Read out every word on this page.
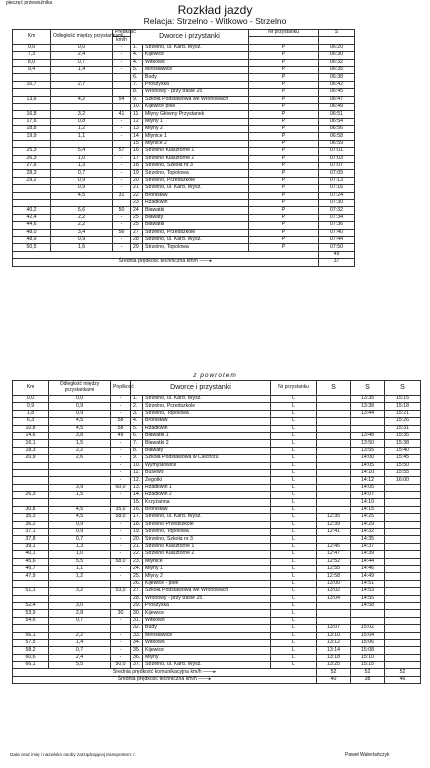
pieczęć przewoźnika	Rozkład jazdy
Relacja: Strzelno - Witkowo - Strzelno
Km	Odległość między przystankami	Prędkość	Dworce i przystanki		Nr przystanku	S
		km/h				
0,0	0,0	-	1.	Strzelno, ul. Kard. Wysz.	P	06:20
7,3	2,4	-	4.	Kijewice	P	06:30
8,0	0,7	-	4.	Witkowo	P	06:32
9,4	1,4	-	5.	Mirosławice	P	06:35
			6.	Budy	P	06:38
10,7	2,7		7.	Proszyska	P	06:42
			8.	Wronowy - przy trasie 25	P	06:45
13,6	4,2	54	9.	Szkoła Podstawowa we Wronowach	P	06:47
			10.	Kijewice pole	P	06:49
16,8	3,2	41	11	Młyny Główny Przystanek	P	06:51
17,6	0,8	-	12	Młyny 1	P	06:54
18,8	1,2	-	13	Młyny 2	P	06:56
19,9	1,1	-	14	Młynice 1	P	06:58
			15	Młynice 2	P	06:59
25,3	5,4	57	16	Strzelno Klasztorne 1	P	07:01
26,3	1,0	-	17	Strzelno Klasztorne 2	P	07:03
27,6	1,3	-	18	Strzelno, Szkoła nr 3	P	07:07
28,3	0,7	-	19	Strzelno, Topolowa	P	07:09
29,2	0,9	-	20	Strzelno, Przedszkole	P	07:13
	0,9	-	21	Strzelno, ul. Kard. Wysz.	P	07:16
	4,5	31	22	Bronisław	P	07:24
			23	Rzadkwin	P	07:30
40,2	5,6	50	24	Bławatki	P	07:32
42,4	2,2	-	25	Bławaty	P	07:34
44,6	2,2	-	25	Bławatki	P	07:36
48,0	3,4	56	27	Strzelno, Przedszkole	P	07:40
48,9	0,9	-	28	Strzelno, ul. Kard. Wysz.	P	07:44
50,5	1,6	-	29	Strzelno, Topolowa	P	07:50
						49
Średnia prędkość techniczna km/h ——▸						37
z powrotem
Km	Odległość między przystankami	Prędkość	Dworce i przystanki		Nr przystanku	S	S	S
0,0	0,0	-	1.	Strzelno, ul. Kard. Wysz.	L		13:35	15:15
0,9	0,9	-	2.	Strzelno, Przedszkole	L		13:38	15:18
1,8	0,9	-	3.	Strzelno, Topolowa	L		13:44	15:21
6,3	4,5	58	4.	Bronisław	L			15:26
10,8	4,5	58	5.	Rzadkwin	L			15:31
14,6	3,8	49	6.	Bławatki 1	L		13:48	15:35
16,1	1,5	-	7.	Bławatki 2	L		13:50	15:38
18,3	2,2	-	8.	Bławaty	L		13:55	15:40
20,9	2,6	-	9.	Szkoła Podstawowa w Ciechrzu	L		14:00	15:45
		-	10.	Wymysłowice	L		14:05	15:50
		-	11.	Busewo	L		14:10	15:55
		-	12.	Żegotki	L		14:12	16:00
	3,9	60,0	13.	Rzadkwin 1	L		14:05	
26,3	1,5	-	14.	Rzadkwin 2	L		14:07	
			15.	Krzyżanna	L		14:10	
30,8	4,5	35,0	16.	Bronisław	L		14:15	
35,3	4,5	58,0	17.	Strzelno, ul. Kard. Wysz.	L	12:35	14:25	
36,2	0,9	-	18.	Strzelno Przedszkole	L	12:39	14:29	
37,1	0,9	-	19.	Strzelno, Topolowa	L	12:41	14:32	
37,8	0,7	-	20.	Strzelno, Szkoła nr 3	L		14:35	
39,1	1,3	-	21.	Strzelno Klasztorne 1	L	12:45	14:37	
40,1	1,0	-	22.	Strzelno Klasztorne 2	L	12:47	14:39	
45,6	5,5	58,0	23.	Młynice	L	12:52	14:44	
46,7	1,1	-	24.	Młyny 1	L	12:55	14:46	
47,9	1,2	-	25.	Młyny 2	L	12:58	14:49	
			26.	Kijewice - pole	L	13:00	14:51	
51,1	3,2	53,0	27.	Szkoła Podstawowa we Wronowach	L	13:02	14:53	
			28.	Wronowy - przy trasie 25	L	13:04	14:55	
52,4	3,0		29.	Proszyska	L		14:58	
53,9	2,8	30	30.	Kijewice	L			
54,6	0,7	-	31.	Witkowo	L			
			32.	Budy	L	13:07	15:02	
56,1	2,2	-	33.	Mirosławice	L	13:10	15:04	
57,5	1,4	-	34.	Witkowo	L	13:12	15:06	
58,2	0,7	-	35.	Kijewice	L	13:14	15:08	
60,6	2,4	-	36.	Młyny	L	13:18	15:10	
66,1	5,5	50,0	37.	Strzelno, ul. Kard. Wysz.	L	13:25	15:15	
Średnia prędkość komunikacyjna km/h ——▸						52	52	52
Średnia prędkość techniczna km/h ——▸						40	38	46
Data oraz imię i nazwisko osoby zarządzającej transportem: r.	Paweł Walerlańczyk
